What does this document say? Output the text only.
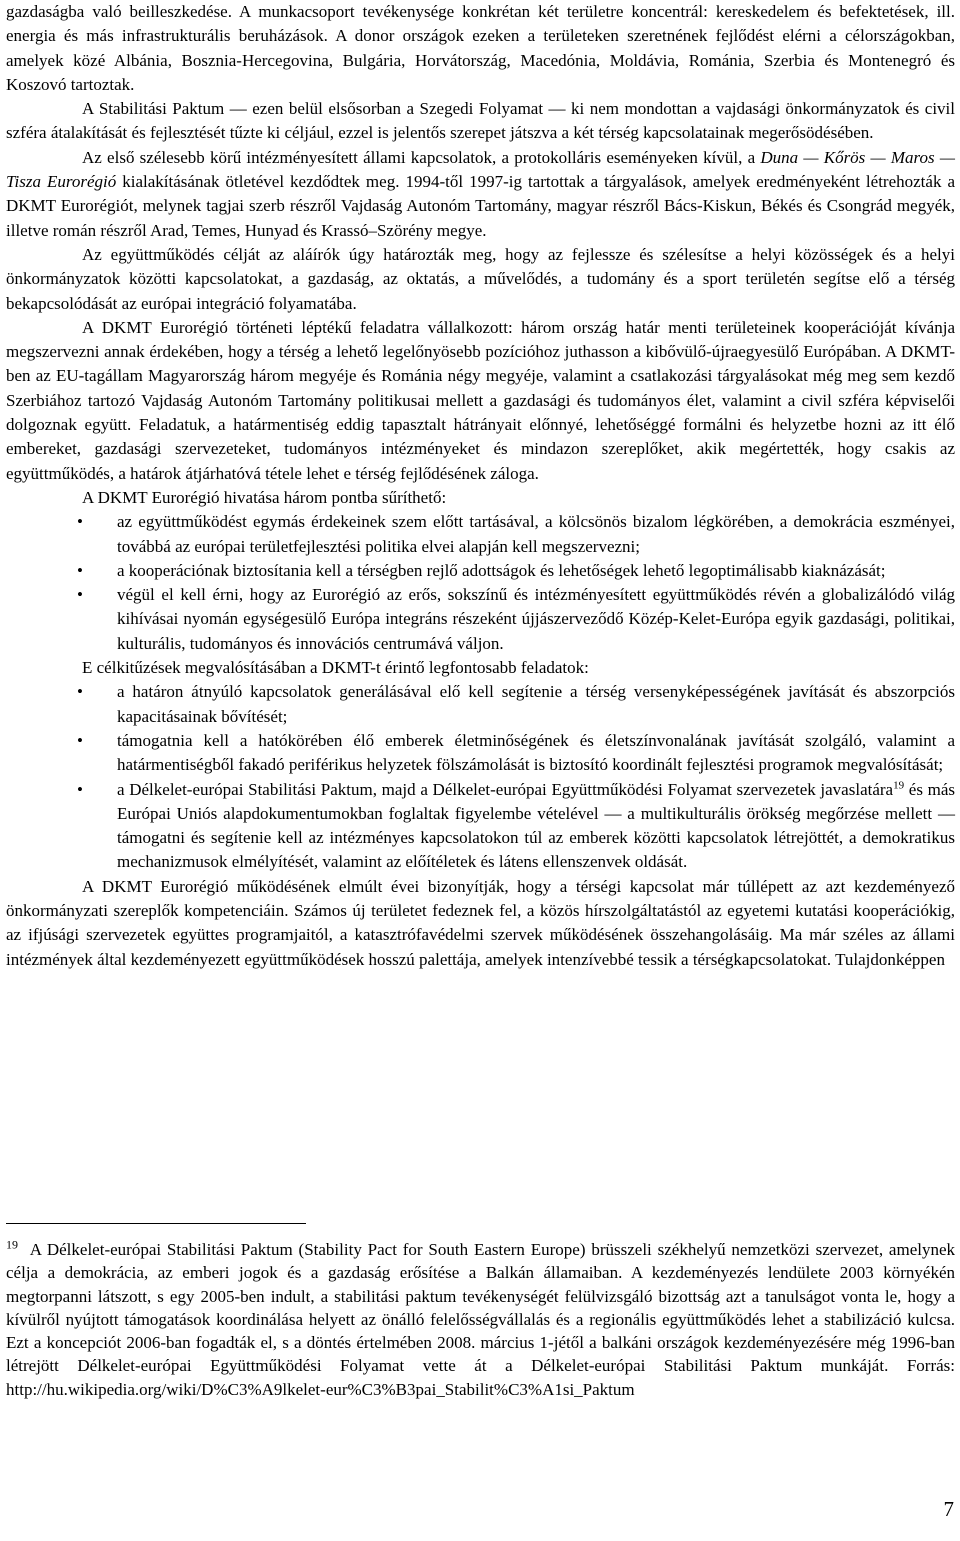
gazdaságba való beilleszkedése. A munkacsoport tevékenysége konkrétan két területre koncentrál: kereskedelem és befektetések, ill. energia és más infrastrukturális beruházások. A donor országok ezeken a területeken szeretnének fejlődést elérni a célországokban, amelyek közé Albánia, Bosznia-Hercegovina, Bulgária, Horvátország, Macedónia, Moldávia, Románia, Szerbia és Montenegró és Koszovó tartoztak.

A Stabilitási Paktum — ezen belül elsősorban a Szegedi Folyamat — ki nem mondottan a vajdasági önkormányzatok és civil szféra átalakítását és fejlesztését tűzte ki céljául, ezzel is jelentős szerepet játszva a két térség kapcsolatainak megerősödésében.

Az első szélesebb körű intézményesített állami kapcsolatok, a protokolláris eseményeken kívül, a Duna — Kőrös — Maros — Tisza Eurorégió kialakításának ötletével kezdődtek meg. 1994-től 1997-ig tartottak a tárgyalások, amelyek eredményeként létrehozták a DKMT Eurorégiót, melynek tagjai szerb részről Vajdaság Autonóm Tartomány, magyar részről Bács-Kiskun, Békés és Csongrád megyék, illetve román részről Arad, Temes, Hunyad és Krassó–Szörény megye.

Az együttműködés célját az aláírók úgy határozták meg, hogy az fejlessze és szélesítse a helyi közösségek és a helyi önkormányzatok közötti kapcsolatokat, a gazdaság, az oktatás, a művelődés, a tudomány és a sport területén segítse elő a térség bekapcsolódását az európai integráció folyamatába.

A DKMT Eurorégió történeti léptékű feladatra vállalkozott: három ország határ menti területeinek kooperációját kívánja megszervezni annak érdekében, hogy a térség a lehető legelőnyösebb pozícióhoz juthasson a kibővülő-újraegyesülő Európában. A DKMT-ben az EU-tagállam Magyarország három megyéje és Románia négy megyéje, valamint a csatlakozási tárgyalásokat még meg sem kezdő Szerbiához tartozó Vajdaság Autonóm Tartomány politikusai mellett a gazdasági és tudományos élet, valamint a civil szféra képviselői dolgoznak együtt. Feladatuk, a határmentiség eddig tapasztalt hátrányait előnnyé, lehetőséggé formálni és helyzetbe hozni az itt élő embereket, gazdasági szervezeteket, tudományos intézményeket és mindazon szereplőket, akik megértették, hogy csakis az együttműködés, a határok átjárhatóvá tétele lehet e térség fejlődésének záloga.

A DKMT Eurorégió hivatása három pontba sűríthető:

• az együttműködést egymás érdekeinek szem előtt tartásával, a kölcsönös bizalom légkörében, a demokrácia eszményei, továbbá az európai területfejlesztési politika elvei alapján kell megszervezni;
• a kooperációnak biztosítania kell a térségben rejlő adottságok és lehetőségek lehető legoptimálisabb kiaknázását;
• végül el kell érni, hogy az Eurorégió az erős, sokszínű és intézményesített együttműködés révén a globalizálódó világ kihívásai nyomán egységesülő Európa integráns részeként újjászerveződő Közép-Kelet-Európa egyik gazdasági, politikai, kulturális, tudományos és innovációs centrumává váljon.

E célkitűzések megvalósításában a DKMT-t érintő legfontosabb feladatok:

• a határon átnyúló kapcsolatok generálásával elő kell segítenie a térség versenyképességének javítását és abszorpciós kapacitásainak bővítését;
• támogatnia kell a hatókörében élő emberek életminőségének és életszínvonalának javítását szolgáló, valamint a határmentiségből fakadó periférikus helyzetek fölszámolását is biztosító koordinált fejlesztési programok megvalósítását;
• a Délkelet-európai Stabilitási Paktum, majd a Délkelet-európai Együttműködési Folyamat szervezetek javaslatára$^{19}$ és más Európai Uniós alapdokumentumokban foglaltak figyelembe vételével — a multikulturális örökség megőrzése mellett — támogatni és segítenie kell az intézményes kapcsolatokon túl az emberek közötti kapcsolatok létrejöttét, a demokratikus mechanizmusok elmélyítését, valamint az előítéletek és látens ellenszenvek oldását.

A DKMT Eurorégió működésének elmúlt évei bizonyítják, hogy a térségi kapcsolat már túllépett az azt kezdeményező önkormányzati szereplők kompetenciáin. Számos új területet fedeznek fel, a közös hírszolgáltatástól az egyetemi kutatási kooperációkig, az ifjúsági szervezetek együttes programjaitól, a katasztrófavédelmi szervek működésének összehangolásáig. Ma már széles az állami intézmények által kezdeményezett együttműködések hosszú palettája, amelyek intenzívebbé tessik a térségkapcsolatokat. Tulajdonképpen

$^{19}$ A Délkelet-európai Stabilitási Paktum (Stability Pact for South Eastern Europe) brüsszeli székhelyű nemzetközi szervezet, amelynek célja a demokrácia, az emberi jogok és a gazdaság erősítése a Balkán államaiban. A kezdeményezés lendülete 2003 környékén megtorpanni látszott, s egy 2005-ben indult, a stabilitási paktum tevékenységét felülvizsgáló bizottság azt a tanulságot vonta le, hogy a kívülről nyújtott támogatások koordinálása helyett az önálló felelősségvállalás és a regionális együttműködés lehet a stabilizáció kulcsa. Ezt a koncepciót 2006-ban fogadták el, s a döntés értelmében 2008. március 1-jétől a balkáni országok kezdeményezésére még 1996-ban létrejött Délkelet-európai Együttműködési Folyamat vette át a Délkelet-európai Stabilitási Paktum munkáját. Forrás: http://hu.wikipedia.org/wiki/D%C3%A9lkelet-eur%C3%B3pai_Stabilit%C3%A1si_Paktum
7
